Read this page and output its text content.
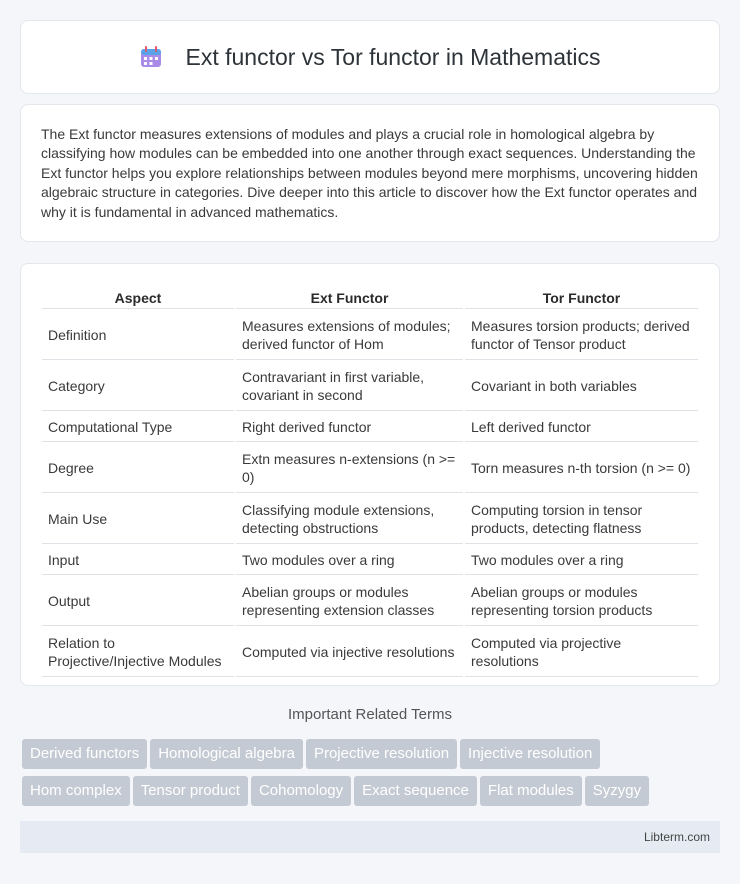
Ext functor vs Tor functor in Mathematics

The Ext functor measures extensions of modules and plays a crucial role in homological algebra by classifying how modules can be embedded into one another through exact sequences. Understanding the Ext functor helps you explore relationships between modules beyond mere morphisms, uncovering hidden algebraic structure in categories. Dive deeper into this article to discover how the Ext functor operates and why it is fundamental in advanced mathematics.

Aspect	Ext Functor	Tor Functor
Definition	Measures extensions of modules; derived functor of Hom	Measures torsion products; derived functor of Tensor product
Category	Contravariant in first variable, covariant in second	Covariant in both variables
Computational Type	Right derived functor	Left derived functor
Degree	Extn measures n-extensions (n >= 0)	Torn measures n-th torsion (n >= 0)
Main Use	Classifying module extensions, detecting obstructions	Computing torsion in tensor products, detecting flatness
Input	Two modules over a ring	Two modules over a ring
Output	Abelian groups or modules representing extension classes	Abelian groups or modules representing torsion products
Relation to Projective/Injective Modules	Computed via injective resolutions	Computed via projective resolutions
Important Related Terms
Derived functors Homological algebra Projective resolution Injective resolution
Hom complex Tensor product Cohomology Exact sequence Flat modules Syzygy
Libterm.com
